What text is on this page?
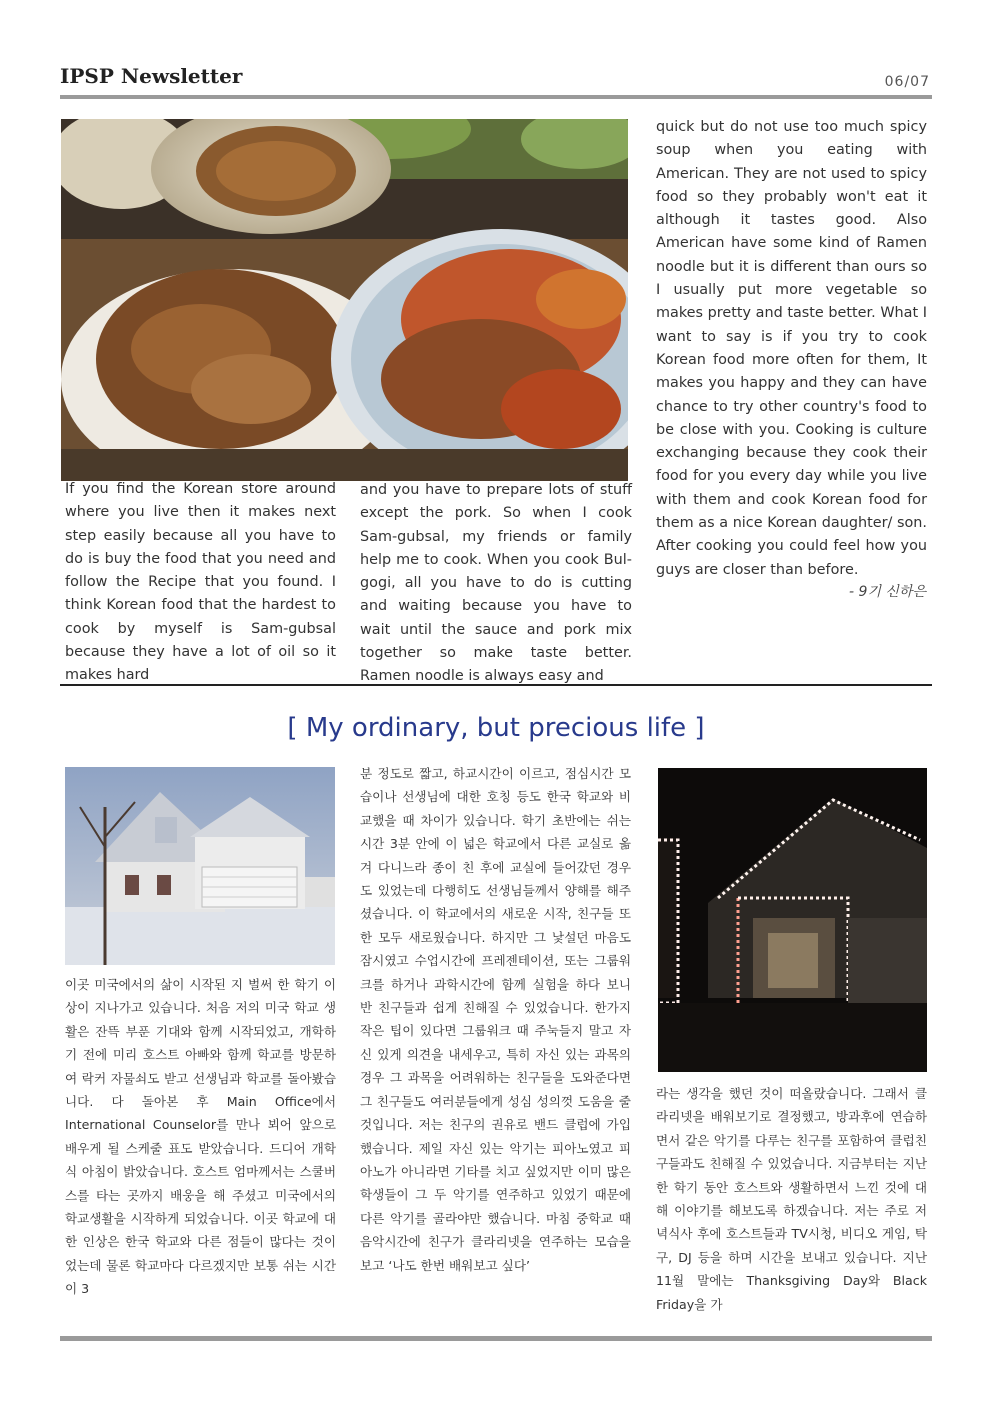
IPSP Newsletter	06/07
If you find the Korean store around where you live then it makes next step easily because all you have to do is buy the food that you need and follow the Recipe that you found. I think Korean food that the hardest to cook by myself is Sam-gubsal because they have a lot of oil so it makes hard
and you have to prepare lots of stuff except the pork. So when I cook Sam-gubsal, my friends or family help me to cook. When you cook Bul-gogi, all you have to do is cutting and waiting because you have to wait until the sauce and pork mix together so make taste better. Ramen noodle is always easy and
quick but do not use too much spicy soup when you eating with American. They are not used to spicy food so they probably won't eat it although it tastes good. Also American have some kind of Ramen noodle but it is different than ours so I usually put more vegetable so makes pretty and taste better. What I want to say is if you try to cook Korean food more often for them, It makes you happy and they can have chance to try other country's food to be close with you. Cooking is culture exchanging because they cook their food for you every day while you live with them and cook Korean food for them as a nice Korean daughter/ son. After cooking you could feel how you guys are closer than before.
- 9기 신하은
[ My ordinary, but precious life ]
이곳 미국에서의 삶이 시작된 지 벌써 한 학기 이상이 지나가고 있습니다. 처음 저의 미국 학교 생활은 잔뜩 부푼 기대와 함께 시작되었고, 개학하기 전에 미리 호스트 아빠와 함께 학교를 방문하여 락커 자물쇠도 받고 선생님과 학교를 돌아봤습니다. 다 돌아본 후 Main Office에서 International Counselor를 만나 뵈어 앞으로 배우게 될 스케줄 표도 받았습니다. 드디어 개학식 아침이 밝았습니다. 호스트 엄마께서는 스쿨버스를 타는 곳까지 배웅을 해 주셨고 미국에서의 학교생활을 시작하게 되었습니다. 이곳 학교에 대한 인상은 한국 학교와 다른 점들이 많다는 것이었는데 물론 학교마다 다르겠지만 보통 쉬는 시간이 3
분 정도로 짧고, 하교시간이 이르고, 점심시간 모습이나 선생님에 대한 호칭 등도 한국 학교와 비교했을 때 차이가 있습니다. 학기 초반에는 쉬는 시간 3분 안에 이 넓은 학교에서 다른 교실로 옮겨 다니느라 종이 친 후에 교실에 들어갔던 경우도 있었는데 다행히도 선생님들께서 양해를 해주셨습니다. 이 학교에서의 새로운 시작, 친구들 또한 모두 새로웠습니다. 하지만 그 낯설던 마음도 잠시였고 수업시간에 프레젠테이션, 또는 그룹워크를 하거나 과학시간에 함께 실험을 하다 보니 반 친구들과 쉽게 친해질 수 있었습니다. 한가지 작은 팁이 있다면 그룹워크 때 주눅들지 말고 자신 있게 의견을 내세우고, 특히 자신 있는 과목의 경우 그 과목을 어려워하는 친구들을 도와준다면 그 친구들도 여러분들에게 성심 성의껏 도움을 줄 것입니다. 저는 친구의 권유로 밴드 클럽에 가입했습니다. 제일 자신 있는 악기는 피아노였고 피아노가 아니라면 기타를 치고 싶었지만 이미 많은 학생들이 그 두 악기를 연주하고 있었기 때문에 다른 악기를 골라야만 했습니다. 마침 중학교 때 음악시간에 친구가 클라리넷을 연주하는 모습을 보고 ‘나도 한번 배워보고 싶다’
라는 생각을 했던 것이 떠올랐습니다. 그래서 클라리넷을 배워보기로 결정했고, 방과후에 연습하면서 같은 악기를 다루는 친구를 포함하여 클럽친구들과도 친해질 수 있었습니다. 지금부터는 지난 한 학기 동안 호스트와 생활하면서 느낀 것에 대해 이야기를 해보도록 하겠습니다. 저는 주로 저녁식사 후에 호스트들과 TV시청, 비디오 게임, 탁구, DJ 등을 하며 시간을 보내고 있습니다. 지난 11월 말에는 Thanksgiving Day와 Black Friday을 가
